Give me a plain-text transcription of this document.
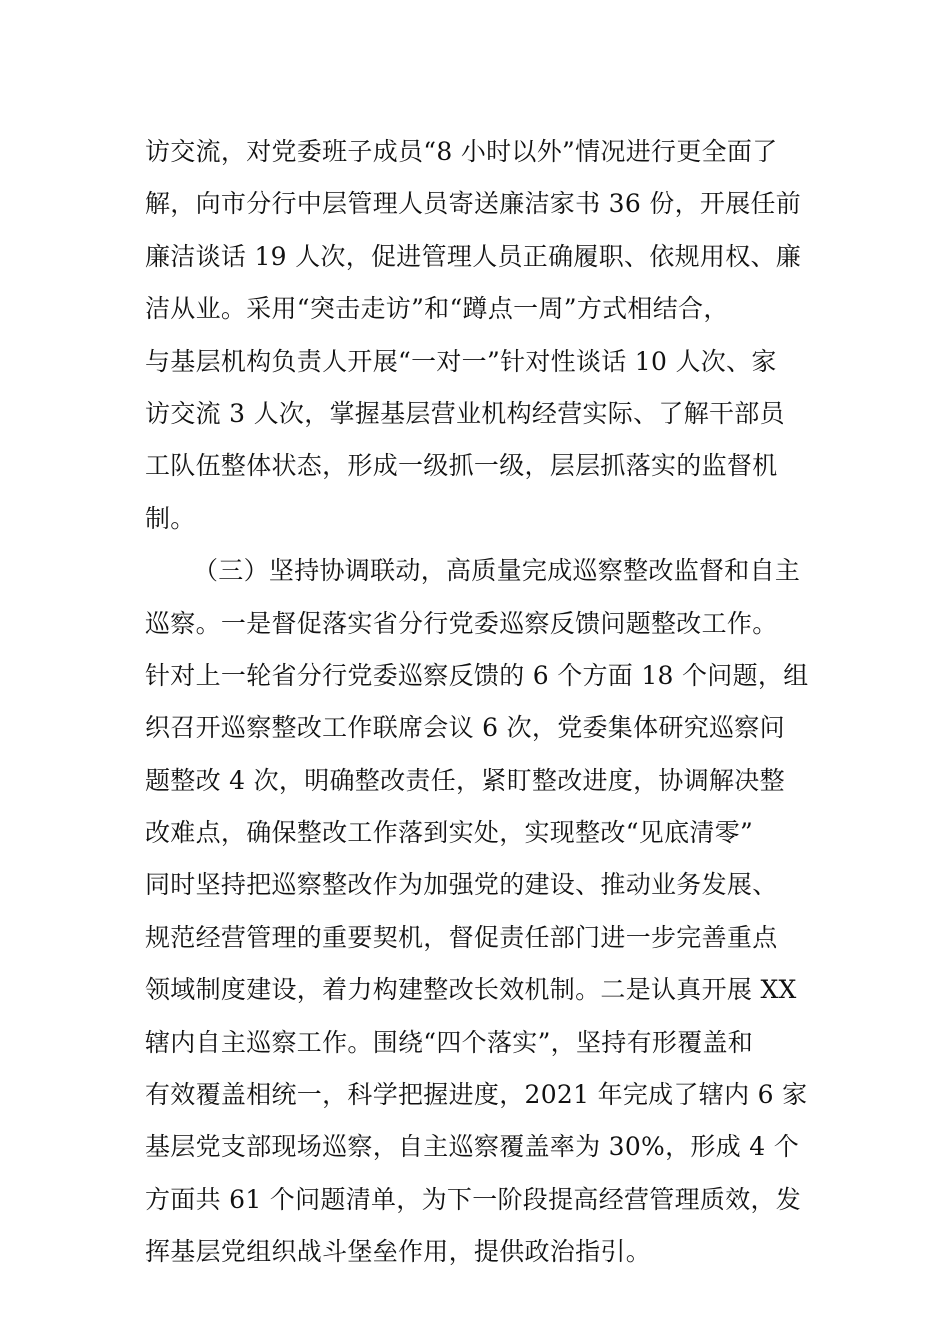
访交流，对党委班子成员“8 小时以外”情况进行更全面了
解，向市分行中层管理人员寄送廉洁家书 36 份，开展任前
廉洁谈话 19 人次，促进管理人员正确履职、依规用权、廉
洁从业。采用“突击走访”和“蹲点一周”方式相结合，
与基层机构负责人开展“一对一”针对性谈话 10 人次、家
访交流 3 人次，掌握基层营业机构经营实际、了解干部员
工队伍整体状态，形成一级抓一级，层层抓落实的监督机
制。
（三）坚持协调联动，高质量完成巡察整改监督和自主
巡察。一是督促落实省分行党委巡察反馈问题整改工作。
针对上一轮省分行党委巡察反馈的 6 个方面 18 个问题，组
织召开巡察整改工作联席会议 6 次，党委集体研究巡察问
题整改 4 次，明确整改责任，紧盯整改进度，协调解决整
改难点，确保整改工作落到实处，实现整改“见底清零”
同时坚持把巡察整改作为加强党的建设、推动业务发展、
规范经营管理的重要契机，督促责任部门进一步完善重点
领域制度建设，着力构建整改长效机制。二是认真开展 XX
辖内自主巡察工作。围绕“四个落实”，坚持有形覆盖和
有效覆盖相统一，科学把握进度，2021 年完成了辖内 6 家
基层党支部现场巡察，自主巡察覆盖率为 30%，形成 4 个
方面共 61 个问题清单，为下一阶段提高经营管理质效，发
挥基层党组织战斗堡垒作用，提供政治指引。
